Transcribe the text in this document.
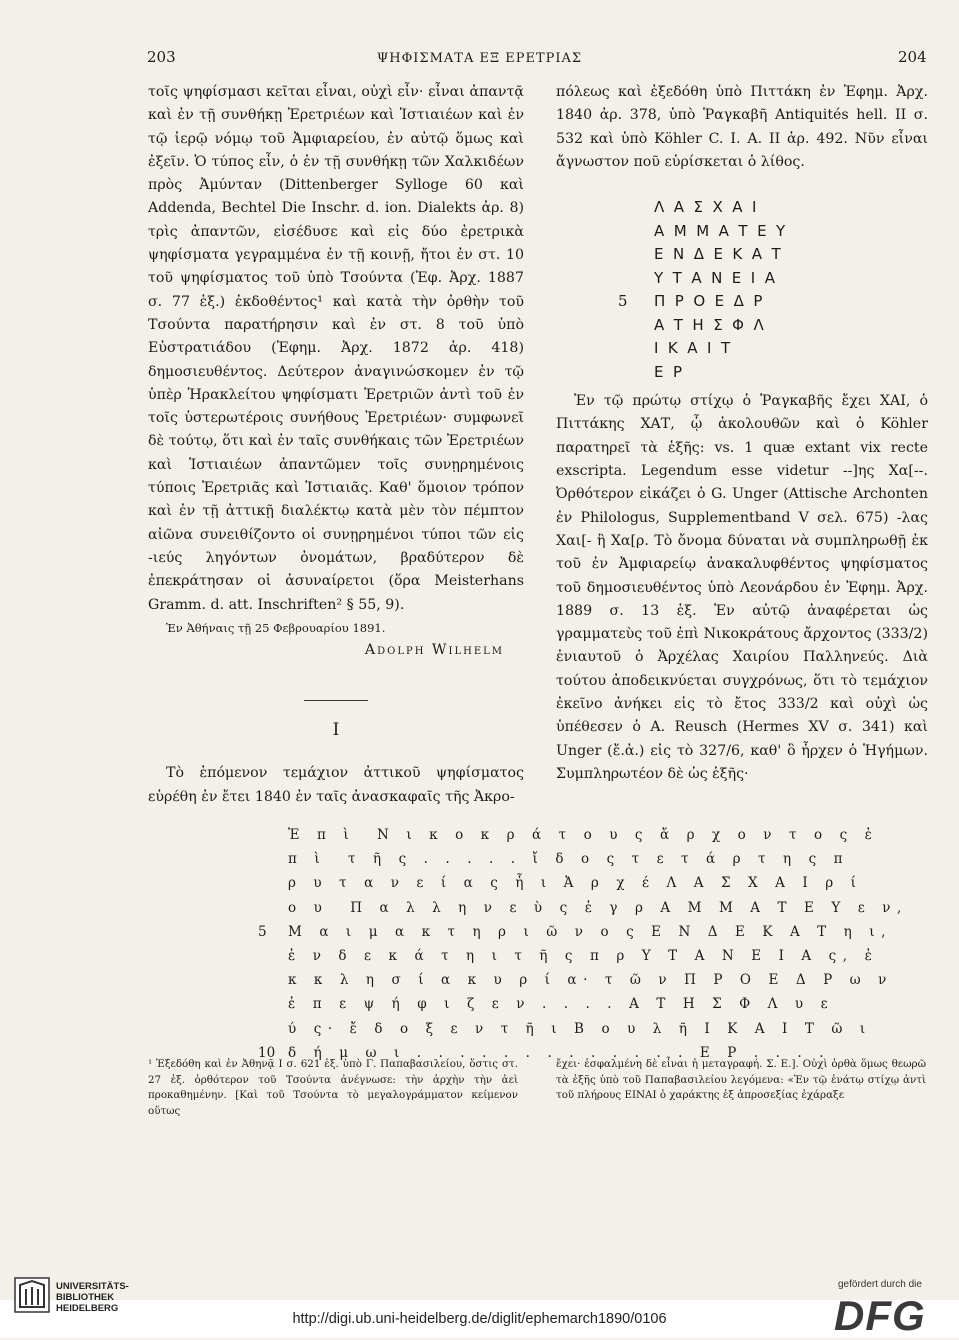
203	ΨΗΦΙΣΜΑΤΑ ΕΞ ΕΡΕΤΡΙΑΣ	204

τοῖς ψηφίσμασι κεῖται εἶναι, οὐχὶ εἶν· εἶναι ἀπαντᾷ καὶ ἐν τῇ συνθήκῃ Ἐρετριέων καὶ Ἱστιαιέων καὶ ἐν τῷ ἱερῷ νόμῳ τοῦ Ἀμφιαρείου, ἐν αὐτῷ ὅμως καὶ ἐξεῖν. Ὁ τύπος εἶν, ὁ ἐν τῇ συνθήκῃ τῶν Χαλκιδέων πρὸς Ἀμύνταν (Dittenberger Sylloge 60 καὶ Addenda, Bechtel Die Inschr. d. ion. Dialekts ἀρ. 8) τρὶς ἀπαντῶν, εἰσέδυσε καὶ εἰς δύο ἐρετρικὰ ψηφίσματα γεγραμμένα ἐν τῇ κοινῇ, ἤτοι ἐν στ. 10 τοῦ ψηφίσματος τοῦ ὑπὸ Τσούντα (Ἐφ. Ἀρχ. 1887 σ. 77 ἑξ.) ἐκδοθέντος¹ καὶ κατὰ τὴν ὀρθὴν τοῦ Τσούντα παρατήρησιν καὶ ἐν στ. 8 τοῦ ὑπὸ Εὐστρατιάδου (Ἐφημ. Ἀρχ. 1872 ἀρ. 418) δημοσιευθέντος. Δεύτερον ἀναγινώσκομεν ἐν τῷ ὑπὲρ Ἡρακλείτου ψηφίσματι Ἐρετριῶν ἀντὶ τοῦ ἐν τοῖς ὑστερωτέροις συνήθους Ἐρετριέων· συμφωνεῖ δὲ τούτῳ, ὅτι καὶ ἐν ταῖς συνθήκαις τῶν Ἐρετριέων καὶ Ἱστιαιέων ἀπαντῶμεν τοῖς συνῃρημένοις τύποις Ἐρετριᾶς καὶ Ἱστιαιᾶς. Καθ' ὅμοιον τρόπον καὶ ἐν τῇ ἀττικῇ διαλέκτῳ κατὰ μὲν τὸν πέμπτον αἰῶνα συνειθίζοντο οἱ συνῃρημένοι τύποι τῶν εἰς -ιεύς ληγόντων ὀνομάτων, βραδύτερον δὲ ἐπεκράτησαν οἱ ἀσυναίρετοι (ὅρα Meisterhans Gramm. d. att. Inschriften² § 55, 9).

Ἐν Ἀθήναις τῇ 25 Φεβρουαρίου 1891.

Adolph Wilhelm

I

Τὸ ἑπόμενον τεμάχιον ἀττικοῦ ψηφίσματος εὑρέθη ἐν ἔτει 1840 ἐν ταῖς ἀνασκαφαῖς τῆς Ἀκρο-

πόλεως καὶ ἐξεδόθη ὑπὸ Πιττάκη ἐν Ἐφημ. Ἀρχ. 1840 ἀρ. 378, ὑπὸ Ῥαγκαβῆ Antiquités hell. II σ. 532 καὶ ὑπὸ Köhler C. I. A. II ἀρ. 492. Νῦν εἶναι ἄγνωστον ποῦ εὑρίσκεται ὁ λίθος.

ΛΑΣΧΑΙ
ΑΜΜΑΤΕΥ
ΕΝΔΕΚΑΤ
ΥΤΑΝΕΙΑ
5 ΠΡΟΕΔΡ
ΑΤΗΣΦΛ
ΙΚΑΙΤ
ΕΡ

Ἐν τῷ πρώτῳ στίχῳ ὁ Ῥαγκαβῆς ἔχει ΧΑΙ, ὁ Πιττάκης ΧΑΤ, ᾧ ἀκολουθῶν καὶ ὁ Köhler παρατηρεῖ τὰ ἑξῆς: vs. 1 quæ extant vix recte exscripta. Legendum esse videtur --]ης Χα[--. Ὀρθότερον εἰκάζει ὁ G. Unger (Attische Archonten ἐν Philologus, Supplementband V σελ. 675) -λας Χαι[- ἢ Χα[ρ. Τὸ ὄνομα δύναται νὰ συμπληρωθῇ ἐκ τοῦ ἐν Ἀμφιαρείῳ ἀνακαλυφθέντος ψηφίσματος τοῦ δημοσιευθέντος ὑπὸ Λεονάρδου ἐν Ἐφημ. Ἀρχ. 1889 σ. 13 ἑξ. Ἐν αὐτῷ ἀναφέρεται ὡς γραμματεὺς τοῦ ἐπὶ Νικοκράτους ἄρχοντος (333/2) ἐνιαυτοῦ ὁ Ἀρχέλας Χαιρίου Παλληνεύς. Διὰ τούτου ἀποδεικνύεται συγχρόνως, ὅτι τὸ τεμάχιον ἐκεῖνο ἀνήκει εἰς τὸ ἔτος 333/2 καὶ οὐχὶ ὡς ὑπέθεσεν ὁ A. Reusch (Hermes XV σ. 341) καὶ Unger (ἔ.ἀ.) εἰς τὸ 327/6, καθ' ὃ ἦρχεν ὁ Ἡγήμων. Συμπληρωτέον δὲ ὡς ἑξῆς·

Ἐ π ὶ  Ν ι κ ο κ ρ ά τ ο υ ς ἄ ρ χ ο ν τ ο ς ἐ
π ὶ  τ ῆ ς . . . . . ἴ δ ο ς τ ε τ ά ρ τ η ς π
ρ υ τ α ν ε ί α ς ἧ ι Ἀ ρ χ έ Λ Α Σ Χ Α Ι ρ ί
ο υ  Π α λ λ η ν ε ὺ ς ἐ γ ρ Α Μ Μ Α Τ Ε Υ ε ν,
5 Μ α ι μ α κ τ η ρ ι ῶ ν ο ς Ε Ν Δ Ε Κ Α Τ η ι,
ἑ ν δ ε κ ά τ η ι τ ῆ ς π ρ Υ Τ Α Ν Ε Ι Α ς, ἐ
κ κ λ η σ ί α κ υ ρ ί α· τ ῶ ν Π Ρ Ο Ε Δ Ρ ω ν
ἐ π ε ψ ή φ ι ζ ε ν . . . . Α Τ Η Σ Φ Λ υ ε
ύ ς· ἔ δ ο ξ ε ν τ ῆ ι Β ο υ λ ῆ Ι Κ Α Ι Τ ῶ ι
10 δ ή μ ω ι . . . . . . . . . . . . . Ε Ρ . . . .
¹ Ἐξεδόθη καὶ ἐν Ἀθηνᾷ I σ. 621 ἑξ. ὑπὸ Γ. Παπαβασιλείου, ὅστις στ. 27 ἑξ. ὀρθότερον τοῦ Τσούντα ἀνέγνωσε: τὴν ἀρχὴν τὴν ἀεὶ προκαθημένην. [Καὶ τοῦ Τσούντα τὸ μεγαλογράμματον κείμενον οὕτως
ἔχει· ἐσφαλμένη δὲ εἶναι ἡ μεταγραφή. Σ. Ε.]. Οὐχὶ ὀρθὰ ὅμως θεωρῶ τὰ ἑξῆς ὑπὸ τοῦ Παπαβασιλείου λεγόμενα: «Ἐν τῷ ἐνάτῳ στίχῳ ἀντὶ τοῦ πλήρους ΕΙΝΑΙ ὁ χαράκτης ἐξ ἀπροσεξίας ἐχάραξε
UNIVERSITÄTS-
BIBLIOTHEK
HEIDELBERG
http://digi.ub.uni-heidelberg.de/diglit/ephemarch1890/0106
gefördert durch die
DFG
